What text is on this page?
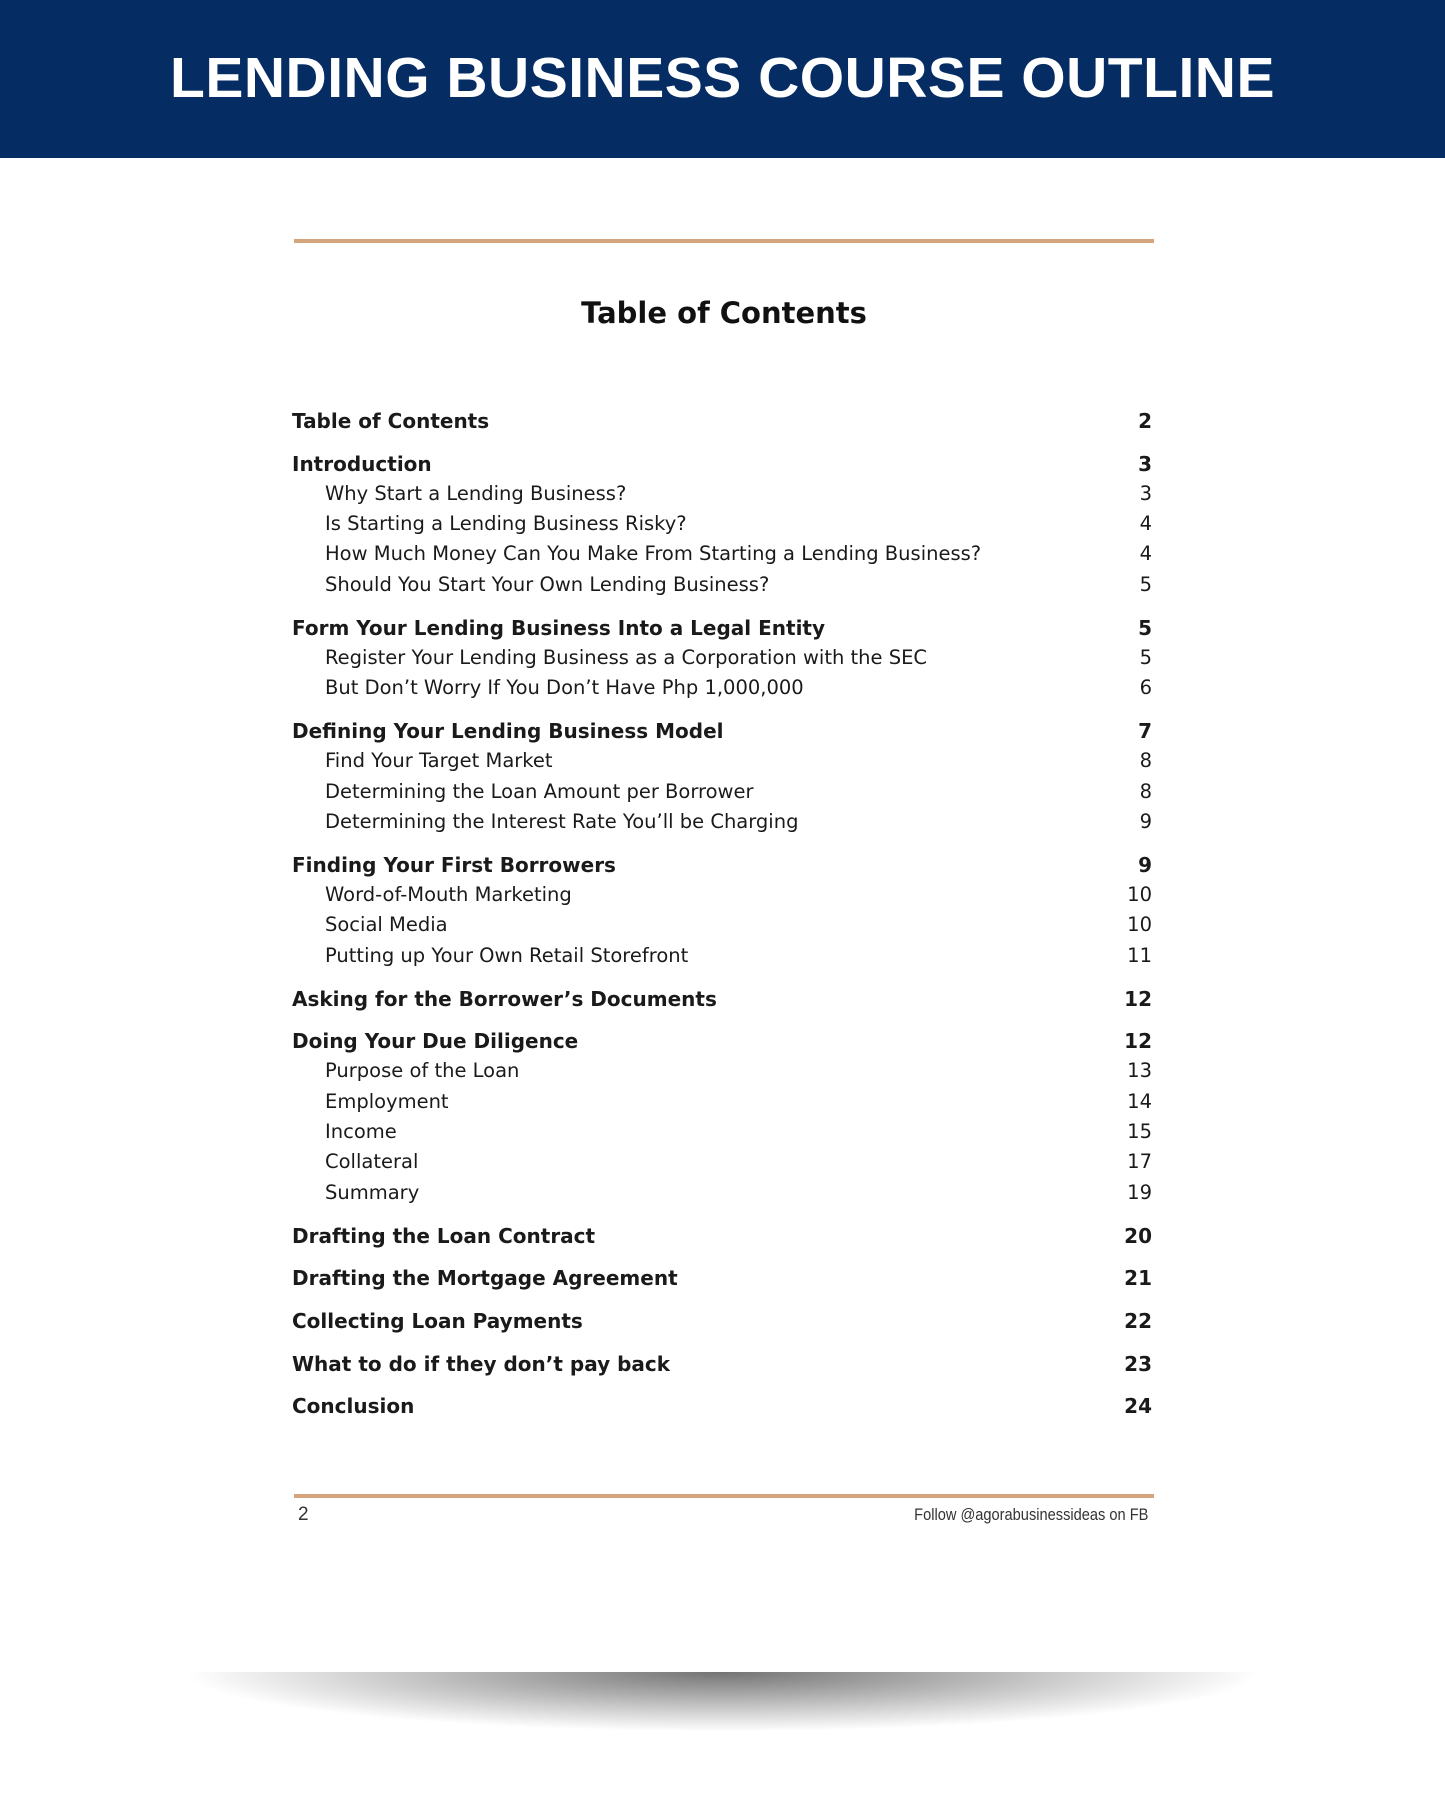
LENDING BUSINESS COURSE OUTLINE
Table of Contents
Table of Contents	2
Introduction	3
Why Start a Lending Business?	3
Is Starting a Lending Business Risky?	4
How Much Money Can You Make From Starting a Lending Business?	4
Should You Start Your Own Lending Business?	5
Form Your Lending Business Into a Legal Entity	5
Register Your Lending Business as a Corporation with the SEC	5
But Don’t Worry If You Don’t Have Php 1,000,000	6
Defining Your Lending Business Model	7
Find Your Target Market	8
Determining the Loan Amount per Borrower	8
Determining the Interest Rate You’ll be Charging	9
Finding Your First Borrowers	9
Word-of-Mouth Marketing	10
Social Media	10
Putting up Your Own Retail Storefront	11
Asking for the Borrower’s Documents	12
Doing Your Due Diligence	12
Purpose of the Loan	13
Employment	14
Income	15
Collateral	17
Summary	19
Drafting the Loan Contract	20
Drafting the Mortgage Agreement	21
Collecting Loan Payments	22
What to do if they don’t pay back	23
Conclusion	24
2	Follow @agorabusinessideas on FB
